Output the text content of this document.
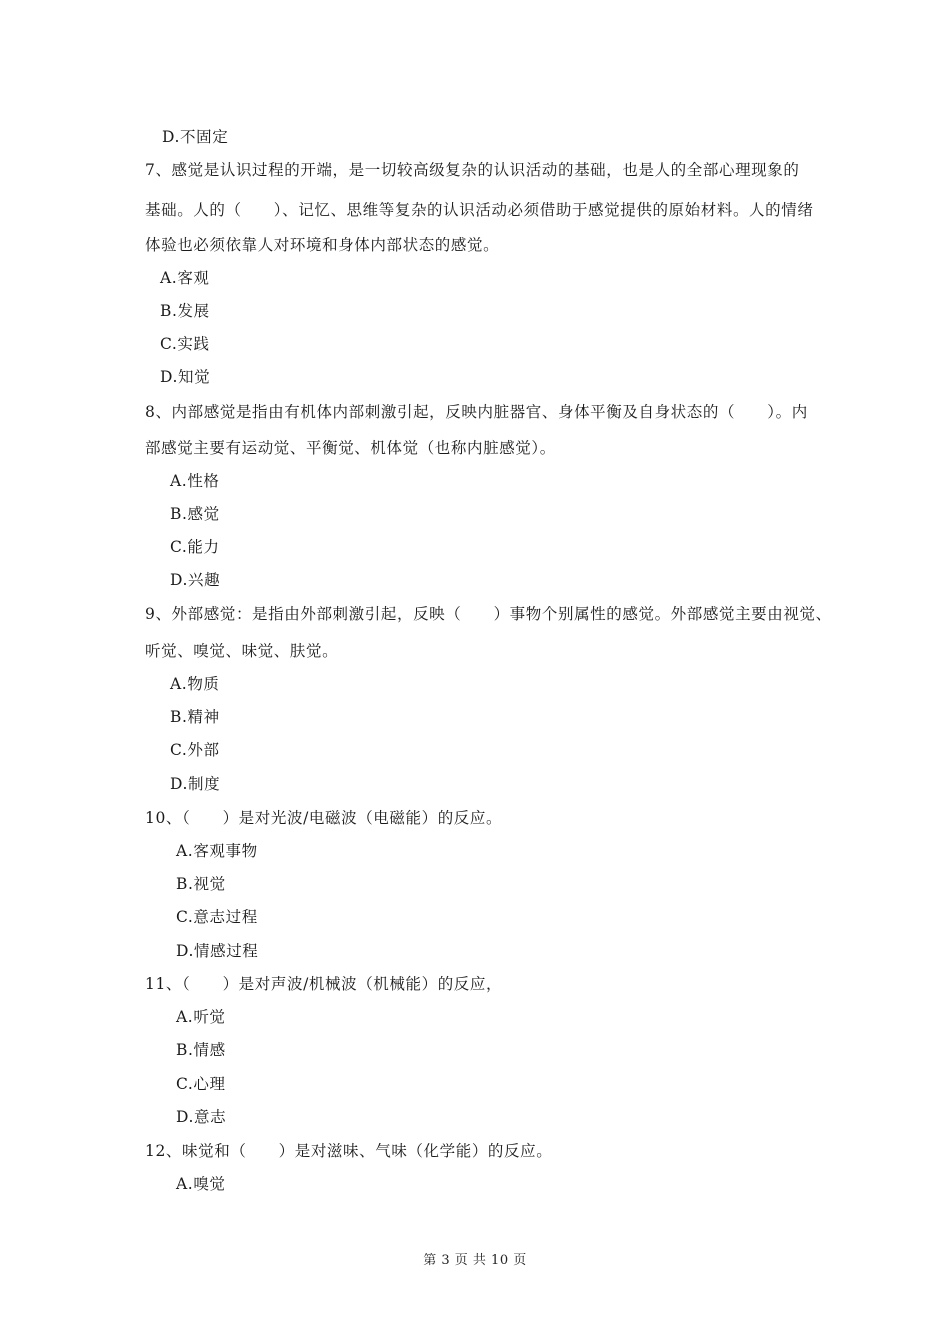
D.不固定
7、感觉是认识过程的开端，是一切较高级复杂的认识活动的基础，也是人的全部心理现象的
基础。人的（　　）、记忆、思维等复杂的认识活动必须借助于感觉提供的原始材料。人的情绪
体验也必须依靠人对环境和身体内部状态的感觉。
A.客观
B.发展
C.实践
D.知觉
8、内部感觉是指由有机体内部刺激引起，反映内脏器官、身体平衡及自身状态的（　　）。内
部感觉主要有运动觉、平衡觉、机体觉（也称内脏感觉）。
A.性格
B.感觉
C.能力
D.兴趣
9、外部感觉：是指由外部刺激引起，反映（　　）事物个别属性的感觉。外部感觉主要由视觉、
听觉、嗅觉、味觉、肤觉。
A.物质
B.精神
C.外部
D.制度
10、（　　）是对光波/电磁波（电磁能）的反应。
A.客观事物
B.视觉
C.意志过程
D.情感过程
11、（　　）是对声波/机械波（机械能）的反应，
A.听觉
B.情感
C.心理
D.意志
12、味觉和（　　）是对滋味、气味（化学能）的反应。
A.嗅觉
第 3 页 共 10 页
